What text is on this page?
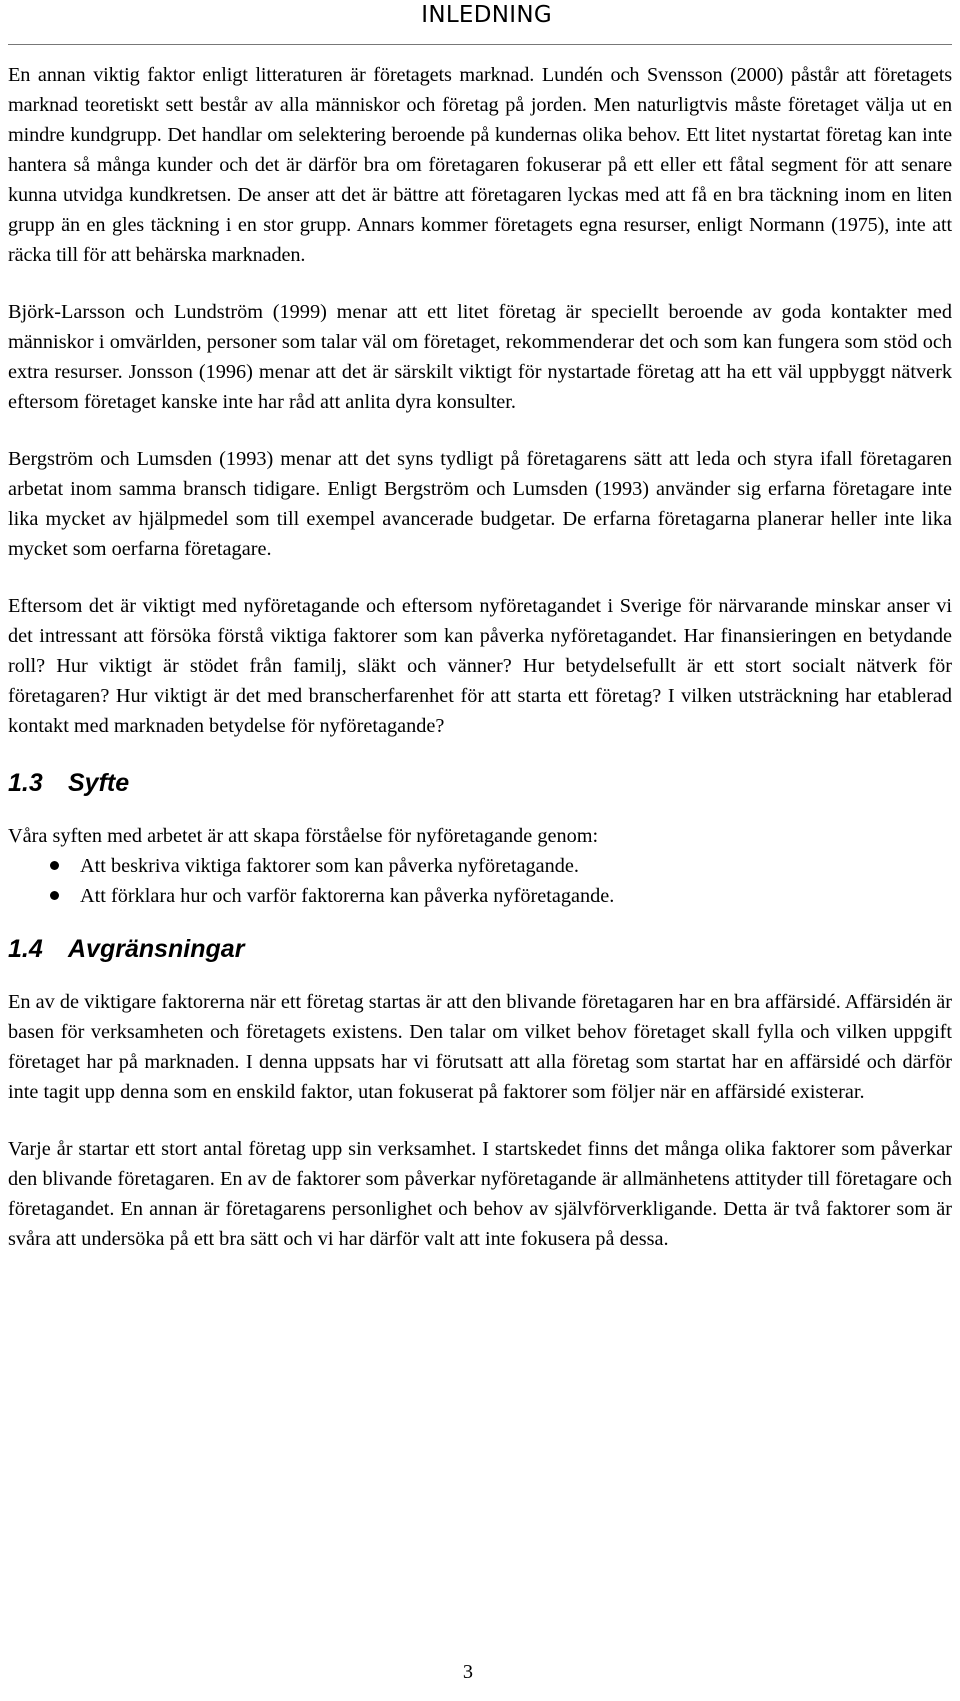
INLEDNING

En annan viktig faktor enligt litteraturen är företagets marknad. Lundén och Svensson (2000) påstår att företagets marknad teoretiskt sett består av alla människor och företag på jorden. Men naturligtvis måste företaget välja ut en mindre kundgrupp. Det handlar om selektering beroende på kundernas olika behov. Ett litet nystartat företag kan inte hantera så många kunder och det är därför bra om företagaren fokuserar på ett eller ett fåtal segment för att senare kunna utvidga kundkretsen. De anser att det är bättre att företagaren lyckas med att få en bra täckning inom en liten grupp än en gles täckning i en stor grupp. Annars kommer företagets egna resurser, enligt Normann (1975), inte att räcka till för att behärska marknaden.

Björk-Larsson och Lundström (1999) menar att ett litet företag är speciellt beroende av goda kontakter med människor i omvärlden, personer som talar väl om företaget, rekommenderar det och som kan fungera som stöd och extra resurser. Jonsson (1996) menar att det är särskilt viktigt för nystartade företag att ha ett väl uppbyggt nätverk eftersom företaget kanske inte har råd att anlita dyra konsulter.

Bergström och Lumsden (1993) menar att det syns tydligt på företagarens sätt att leda och styra ifall företagaren arbetat inom samma bransch tidigare. Enligt Bergström och Lumsden (1993) använder sig erfarna företagare inte lika mycket av hjälpmedel som till exempel avancerade budgetar. De erfarna företagarna planerar heller inte lika mycket som oerfarna företagare.

Eftersom det är viktigt med nyföretagande och eftersom nyföretagandet i Sverige för närvarande minskar anser vi det intressant att försöka förstå viktiga faktorer som kan påverka nyföretagandet. Har finansieringen en betydande roll? Hur viktigt är stödet från familj, släkt och vänner? Hur betydelsefullt är ett stort socialt nätverk för företagaren? Hur viktigt är det med branscherfarenhet för att starta ett företag? I vilken utsträckning har etablerad kontakt med marknaden betydelse för nyföretagande?

1.3 Syfte

Våra syften med arbetet är att skapa förståelse för nyföretagande genom:

Att beskriva viktiga faktorer som kan påverka nyföretagande.
Att förklara hur och varför faktorerna kan påverka nyföretagande.
1.4 Avgränsningar

En av de viktigare faktorerna när ett företag startas är att den blivande företagaren har en bra affärsidé. Affärsidén är basen för verksamheten och företagets existens. Den talar om vilket behov företaget skall fylla och vilken uppgift företaget har på marknaden. I denna uppsats har vi förutsatt att alla företag som startat har en affärsidé och därför inte tagit upp denna som en enskild faktor, utan fokuserat på faktorer som följer när en affärsidé existerar.

Varje år startar ett stort antal företag upp sin verksamhet. I startskedet finns det många olika faktorer som påverkar den blivande företagaren. En av de faktorer som påverkar nyföretagande är allmänhetens attityder till företagare och företagandet. En annan är företagarens personlighet och behov av självförverkligande. Detta är två faktorer som är svåra att undersöka på ett bra sätt och vi har därför valt att inte fokusera på dessa.

3
